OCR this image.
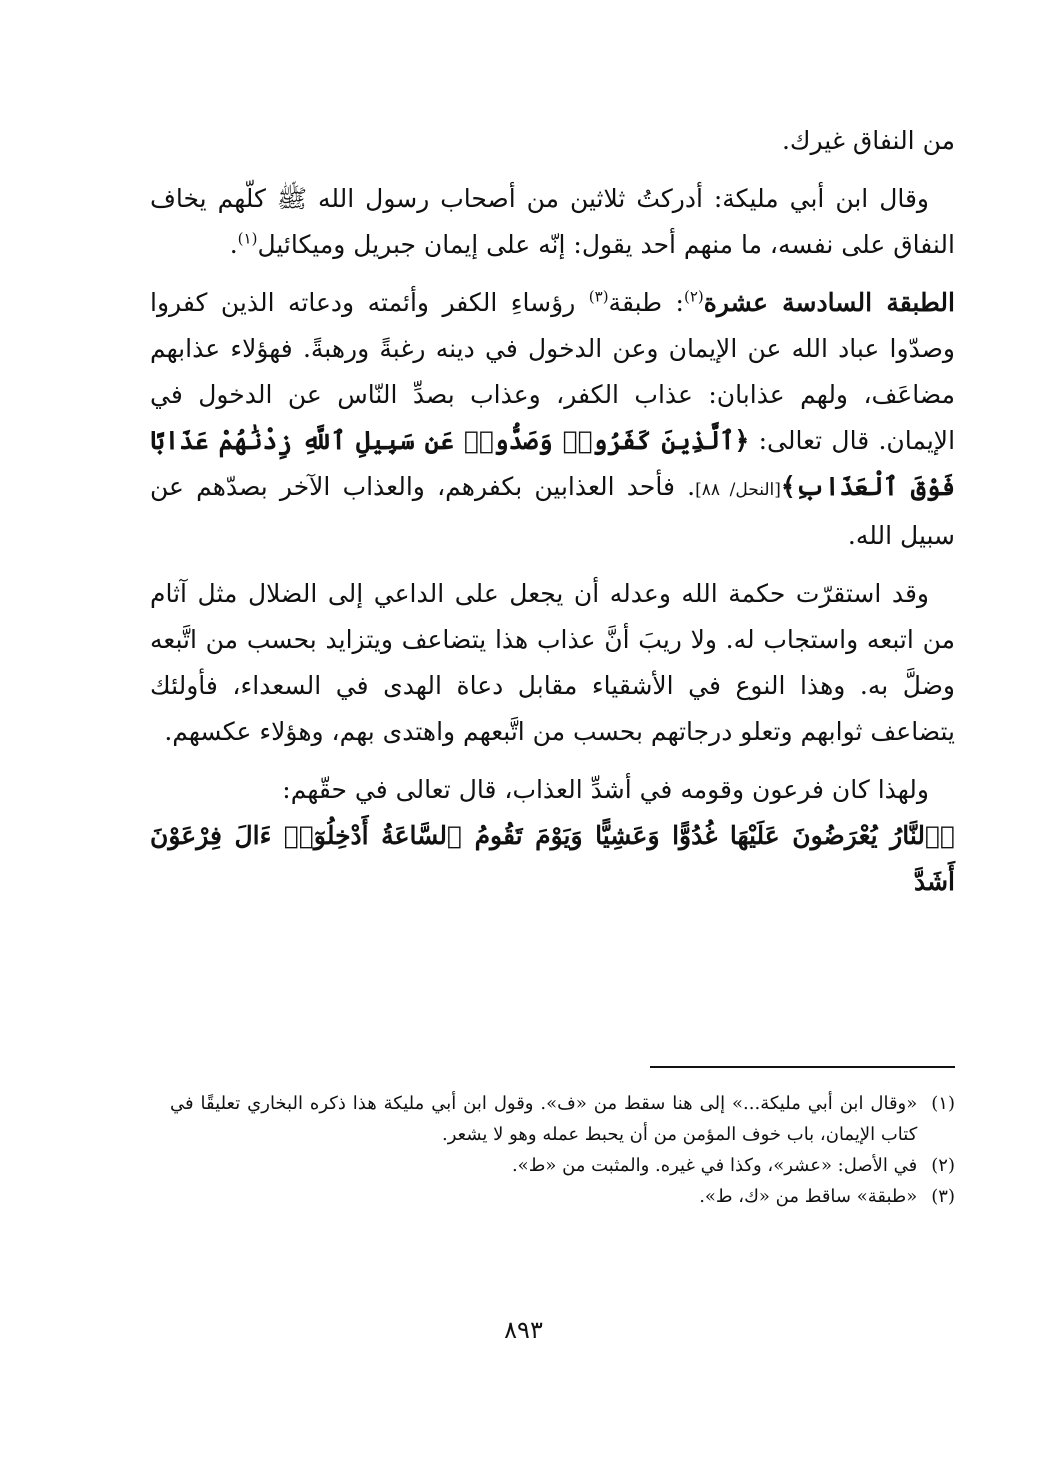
من النفاق غيرك.

وقال ابن أبي مليكة: أدركتُ ثلاثين من أصحاب رسول الله ﷺ كلّهم يخاف النفاق على نفسه، ما منهم أحد يقول: إنّه على إيمان جبريل وميكائيل$^{(١)}$.

الطبقة السادسة عشرة$^{(٢)}$: طبقة$^{(٣)}$ رؤساءِ الكفر وأئمته ودعاته الذين كفروا وصدّوا عباد الله عن الإيمان وعن الدخول في دينه رغبةً ورهبةً. فهؤلاء عذابهم مضاعَف، ولهم عذابان: عذاب الكفر، وعذاب بصدِّ النّاس عن الدخول في الإيمان. قال تعالى: ﴿ٱلَّذِينَ كَفَرُوا۟ وَصَدُّوا۟ عَن سَبِيلِ ٱللَّهِ زِدْنَٰهُمْ عَذَابًا فَوْقَ ٱلْعَذَابِ﴾[النحل/ ٨٨]. فأحد العذابين بكفرهم، والعذاب الآخر بصدّهم عن سبيل الله.

وقد استقرّت حكمة الله وعدله أن يجعل على الداعي إلى الضلال مثل آثام من اتبعه واستجاب له. ولا ريبَ أنَّ عذاب هذا يتضاعف ويتزايد بحسب من اتَّبعه وضلَّ به. وهذا النوع في الأشقياء مقابل دعاة الهدى في السعداء، فأولئك يتضاعف ثوابهم وتعلو درجاتهم بحسب من اتَّبعهم واهتدى بهم، وهؤلاء عكسهم.

ولهذا كان فرعون وقومه في أشدِّ العذاب، قال تعالى في حقّهم:
﴿ٱلنَّارُ يُعْرَضُونَ عَلَيْهَا غُدُوًّا وَعَشِيًّا وَيَوْمَ تَقُومُ ٱلسَّاعَةُ أَدْخِلُوٓا۟ ءَالَ فِرْعَوْنَ أَشَدَّ

(١)
«وقال ابن أبي مليكة...» إلى هنا سقط من «ف». وقول ابن أبي مليكة هذا ذكره البخاري تعليقًا في كتاب الإيمان، باب خوف المؤمن من أن يحبط عمله وهو لا يشعر.
(٢)
في الأصل: «عشر»، وكذا في غيره. والمثبت من «ط».
(٣)
«طبقة» ساقط من «ك، ط».
٨٩٣
